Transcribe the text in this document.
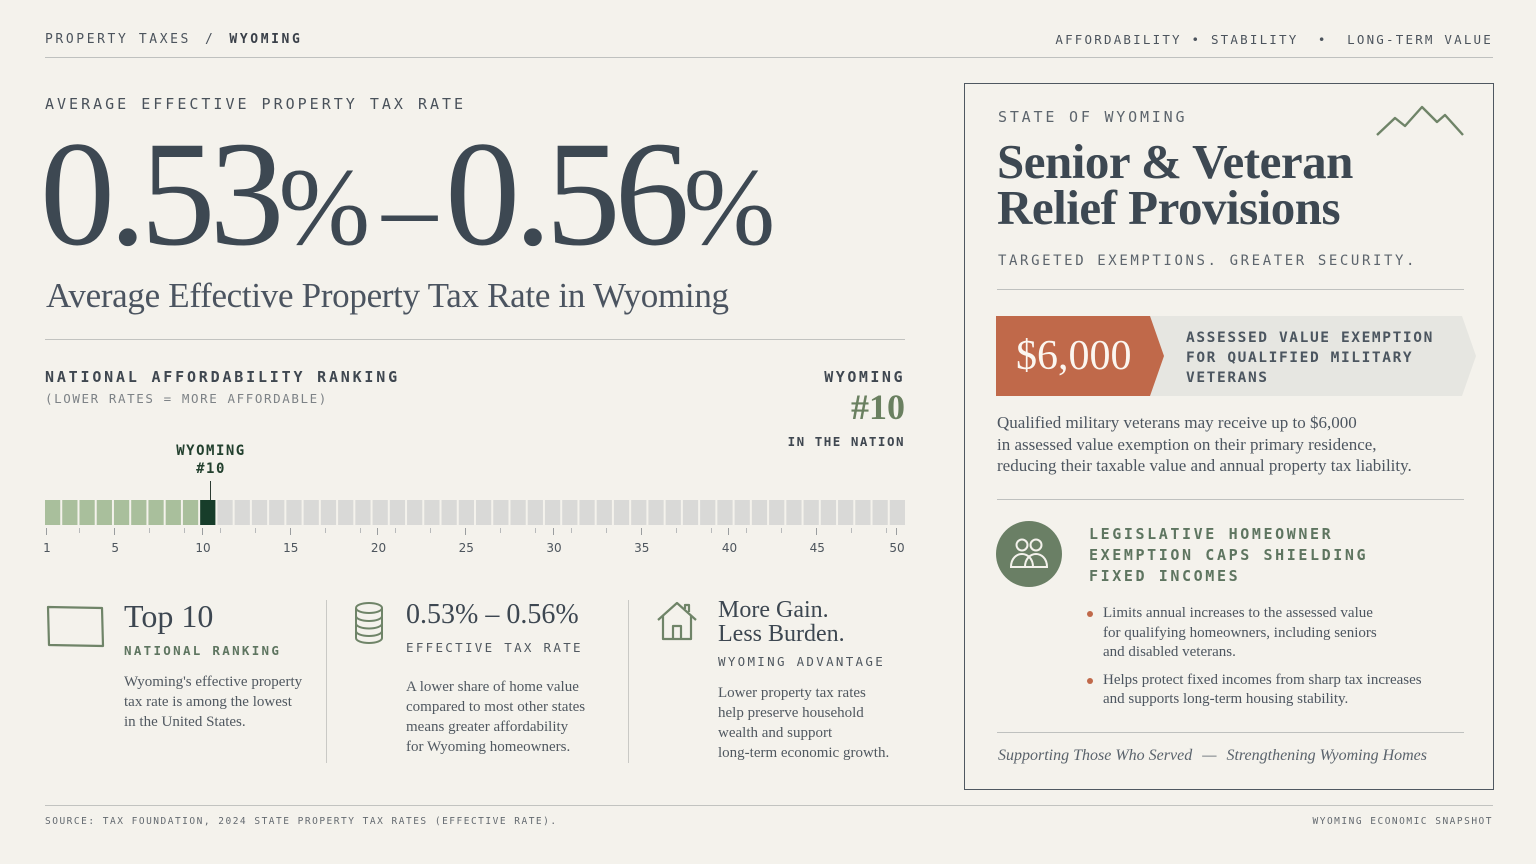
PROPERTY TAXES / WYOMING	AFFORDABILITY • STABILITY  •  LONG-TERM VALUE
AVERAGE EFFECTIVE PROPERTY TAX RATE
0.53% –0.56%
Average Effective Property Tax Rate in Wyoming
NATIONAL AFFORDABILITY RANKING
(LOWER RATES = MORE AFFORDABLE)
WYOMING
#10
IN THE NATION
WYOMING
#10
1	5	10	15	20	25	30	35	40	45	50
Top 10
NATIONAL RANKING
Wyoming's effective property
tax rate is among the lowest
in the United States.
0.53% – 0.56%
EFFECTIVE TAX RATE
A lower share of home value
compared to most other states
means greater affordability
for Wyoming homeowners.
More Gain.
Less Burden.
WYOMING ADVANTAGE
Lower property tax rates
help preserve household
wealth and support
long-term economic growth.
STATE OF WYOMING
Senior & Veteran
Relief Provisions
TARGETED EXEMPTIONS. GREATER SECURITY.
$6,000	ASSESSED VALUE EXEMPTION
FOR QUALIFIED MILITARY
VETERANS
Qualified military veterans may receive up to $6,000
in assessed value exemption on their primary residence,
reducing their taxable value and annual property tax liability.
LEGISLATIVE HOMEOWNER
EXEMPTION CAPS SHIELDING
FIXED INCOMES
Limits annual increases to the assessed value
for qualifying homeowners, including seniors
and disabled veterans.
Helps protect fixed incomes from sharp tax increases
and supports long-term housing stability.
Supporting Those Who Served — Strengthening Wyoming Homes
SOURCE: TAX FOUNDATION, 2024 STATE PROPERTY TAX RATES (EFFECTIVE RATE).	WYOMING ECONOMIC SNAPSHOT
